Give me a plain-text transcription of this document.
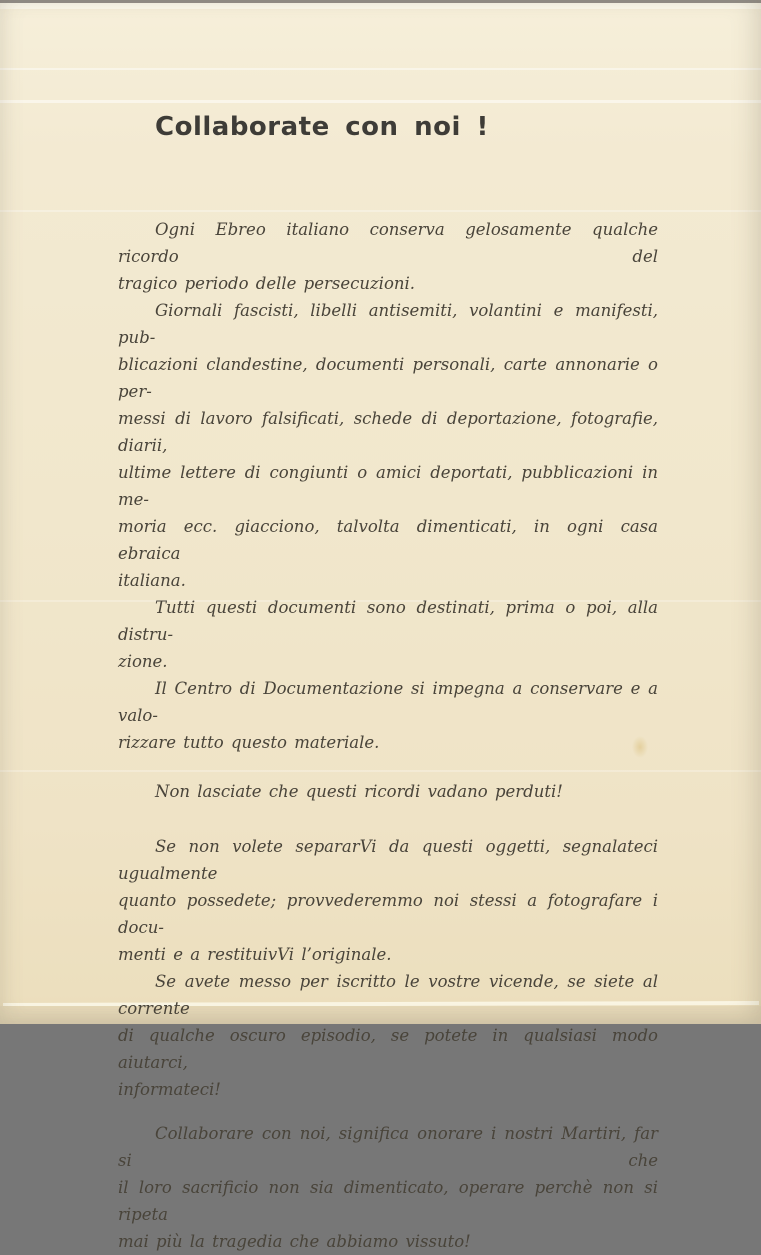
Collaborate con noi !

Ogni Ebreo italiano conserva gelosamente qualche ricordo del
tragico periodo delle persecuzioni.

Giornali fascisti, libelli antisemiti, volantini e manifesti, pub-
blicazioni clandestine, documenti personali, carte annonarie o per-
messi di lavoro falsificati, schede di deportazione, fotografie, diarii,
ultime lettere di congiunti o amici deportati, pubblicazioni in me-
moria ecc. giacciono, talvolta dimenticati, in ogni casa ebraica
italiana.

Tutti questi documenti sono destinati, prima o poi, alla distru-
zione.

Il Centro di Documentazione si impegna a conservare e a valo-
rizzare tutto questo materiale.

Non lasciate che questi ricordi vadano perduti!

Se non volete separarVi da questi oggetti, segnalateci ugualmente
quanto possedete; provvederemmo noi stessi a fotografare i docu-
menti e a restituivVi l’originale.

Se avete messo per iscritto le vostre vicende, se siete al corrente
di qualche oscuro episodio, se potete in qualsiasi modo aiutarci,
informateci!

Collaborare con noi, significa onorare i nostri Martiri, far si che
il loro sacrificio non sia dimenticato, operare perchè non si ripeta
mai più la tragedia che abbiamo vissuto!
